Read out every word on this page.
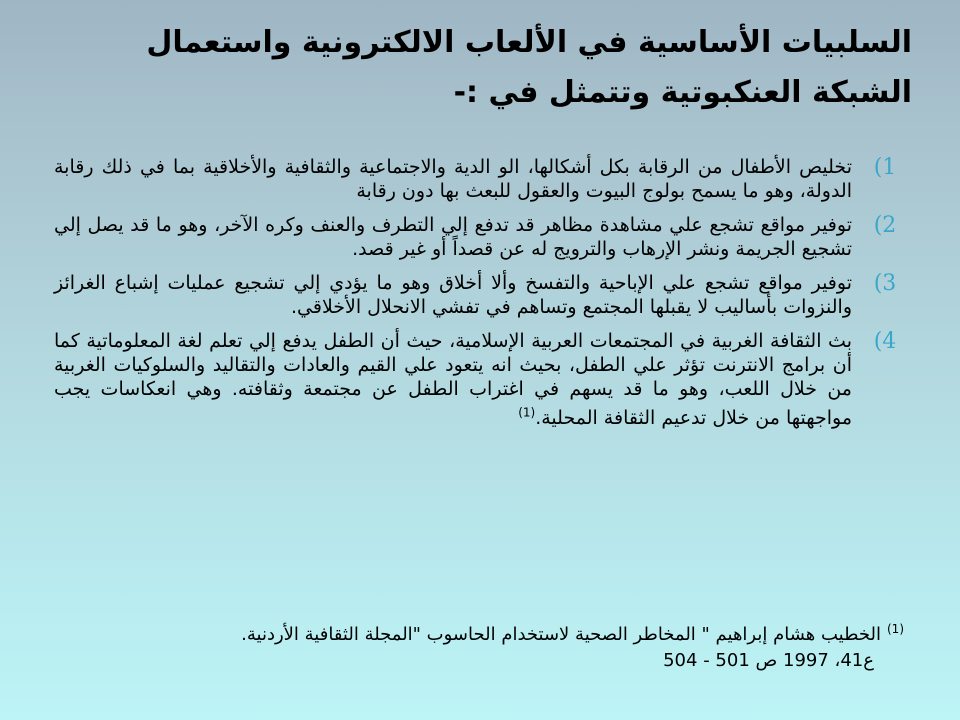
السلبيات الأساسية في الألعاب الالكترونية واستعمال الشبكة العنكبوتية وتتمثل في :-
1)
تخليص الأطفال من الرقابة بكل أشكالها، الو الدية والاجتماعية والثقافية والأخلاقية بما في ذلك رقابة الدولة، وهو ما يسمح بولوج البيوت والعقول للبعث بها دون رقابة
2)
توفير مواقع تشجع علي مشاهدة مظاهر قد تدفع إلي التطرف والعنف وكره الآخر، وهو ما قد يصل إلي تشجيع الجريمة ونشر الإرهاب والترويج له عن قصداً أو غير قصد.
3)
توفير مواقع تشجع علي الإباحية والتفسخ وألا أخلاق وهو ما يؤدي إلي تشجيع عمليات إشباع الغرائز والنزوات بأساليب لا يقبلها المجتمع وتساهم في تفشي الانحلال الأخلاقي.
4)
بث الثقافة الغربية في المجتمعات العربية الإسلامية، حيث أن الطفل يدفع إلي تعلم لغة المعلوماتية كما أن برامج الانترنت تؤثر علي الطفل، بحيث انه يتعود علي القيم والعادات والتقاليد والسلوكيات الغربية من خلال اللعب، وهو ما قد يسهم في اغتراب الطفل عن مجتمعة وثقافته. وهي انعكاسات يجب مواجهتها من خلال تدعيم الثقافة المحلية.$^{(1)}$
$^{(1)}$الخطيب هشام إبراهيم " المخاطر الصحية لاستخدام الحاسوب "المجلة الثقافية الأردنية.
ع41، 1997 ص 501 - 504
